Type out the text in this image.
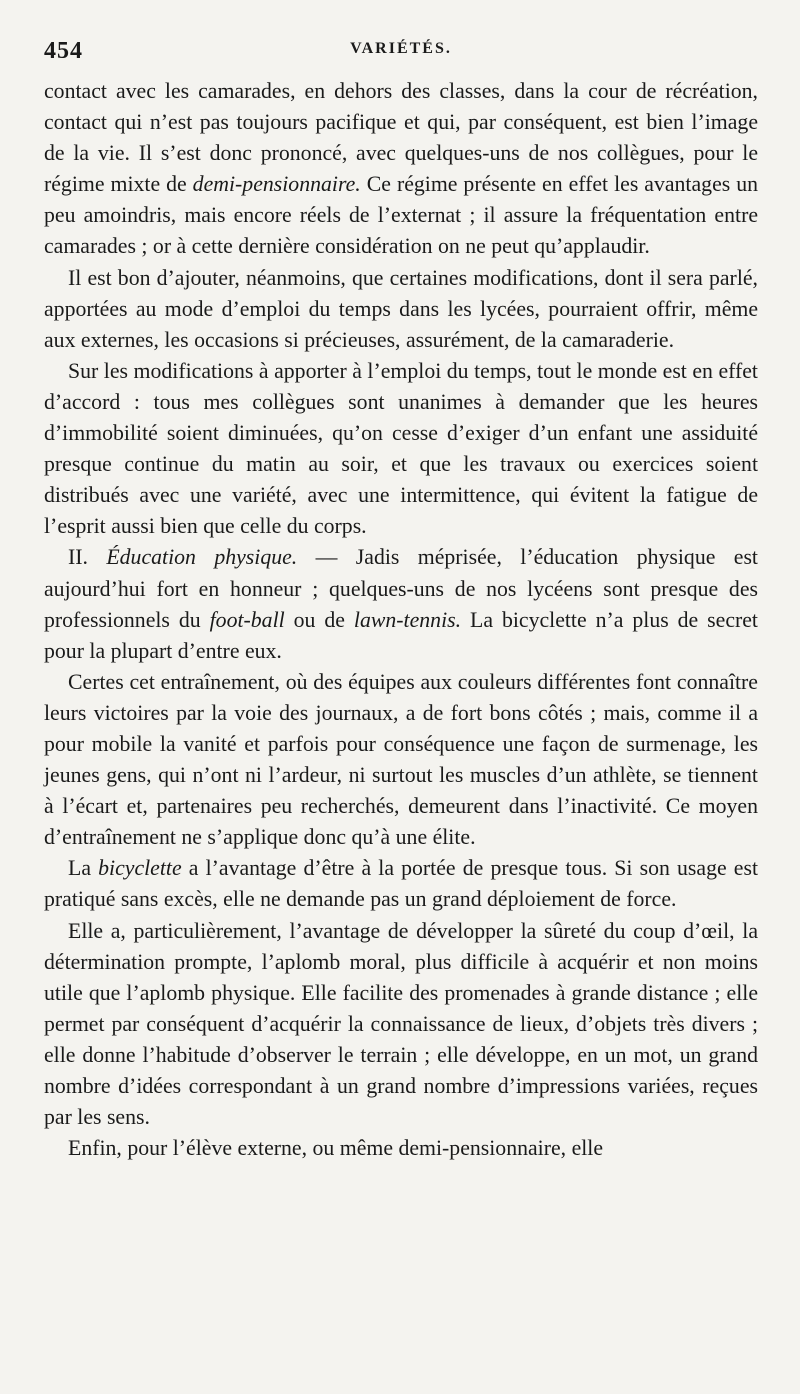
454	VARIÉTÉS.

contact avec les camarades, en dehors des classes, dans la cour de récréation, contact qui n’est pas toujours pacifique et qui, par conséquent, est bien l’image de la vie. Il s’est donc prononcé, avec quelques-uns de nos collègues, pour le régime mixte de demi-pensionnaire. Ce régime présente en effet les avantages un peu amoindris, mais encore réels de l’externat ; il assure la fréquentation entre camarades ; or à cette dernière considération on ne peut qu’applaudir.

Il est bon d’ajouter, néanmoins, que certaines modifications, dont il sera parlé, apportées au mode d’emploi du temps dans les lycées, pourraient offrir, même aux externes, les occasions si précieuses, assurément, de la camaraderie.

Sur les modifications à apporter à l’emploi du temps, tout le monde est en effet d’accord : tous mes collègues sont unanimes à demander que les heures d’immobilité soient diminuées, qu’on cesse d’exiger d’un enfant une assiduité presque continue du matin au soir, et que les travaux ou exercices soient distribués avec une variété, avec une intermittence, qui évitent la fatigue de l’esprit aussi bien que celle du corps.

II. Éducation physique. — Jadis méprisée, l’éducation physique est aujourd’hui fort en honneur ; quelques-uns de nos lycéens sont presque des professionnels du foot-ball ou de lawn-tennis. La bicyclette n’a plus de secret pour la plupart d’entre eux.

Certes cet entraînement, où des équipes aux couleurs différentes font connaître leurs victoires par la voie des journaux, a de fort bons côtés ; mais, comme il a pour mobile la vanité et parfois pour conséquence une façon de surmenage, les jeunes gens, qui n’ont ni l’ardeur, ni surtout les muscles d’un athlète, se tiennent à l’écart et, partenaires peu recherchés, demeurent dans l’inactivité. Ce moyen d’entraînement ne s’applique donc qu’à une élite.

La bicyclette a l’avantage d’être à la portée de presque tous. Si son usage est pratiqué sans excès, elle ne demande pas un grand déploiement de force.

Elle a, particulièrement, l’avantage de développer la sûreté du coup d’œil, la détermination prompte, l’aplomb moral, plus difficile à acquérir et non moins utile que l’aplomb physique. Elle facilite des promenades à grande distance ; elle permet par conséquent d’acquérir la connaissance de lieux, d’objets très divers ; elle donne l’habitude d’observer le terrain ; elle développe, en un mot, un grand nombre d’idées correspondant à un grand nombre d’impressions variées, reçues par les sens.

Enfin, pour l’élève externe, ou même demi-pensionnaire, elle
